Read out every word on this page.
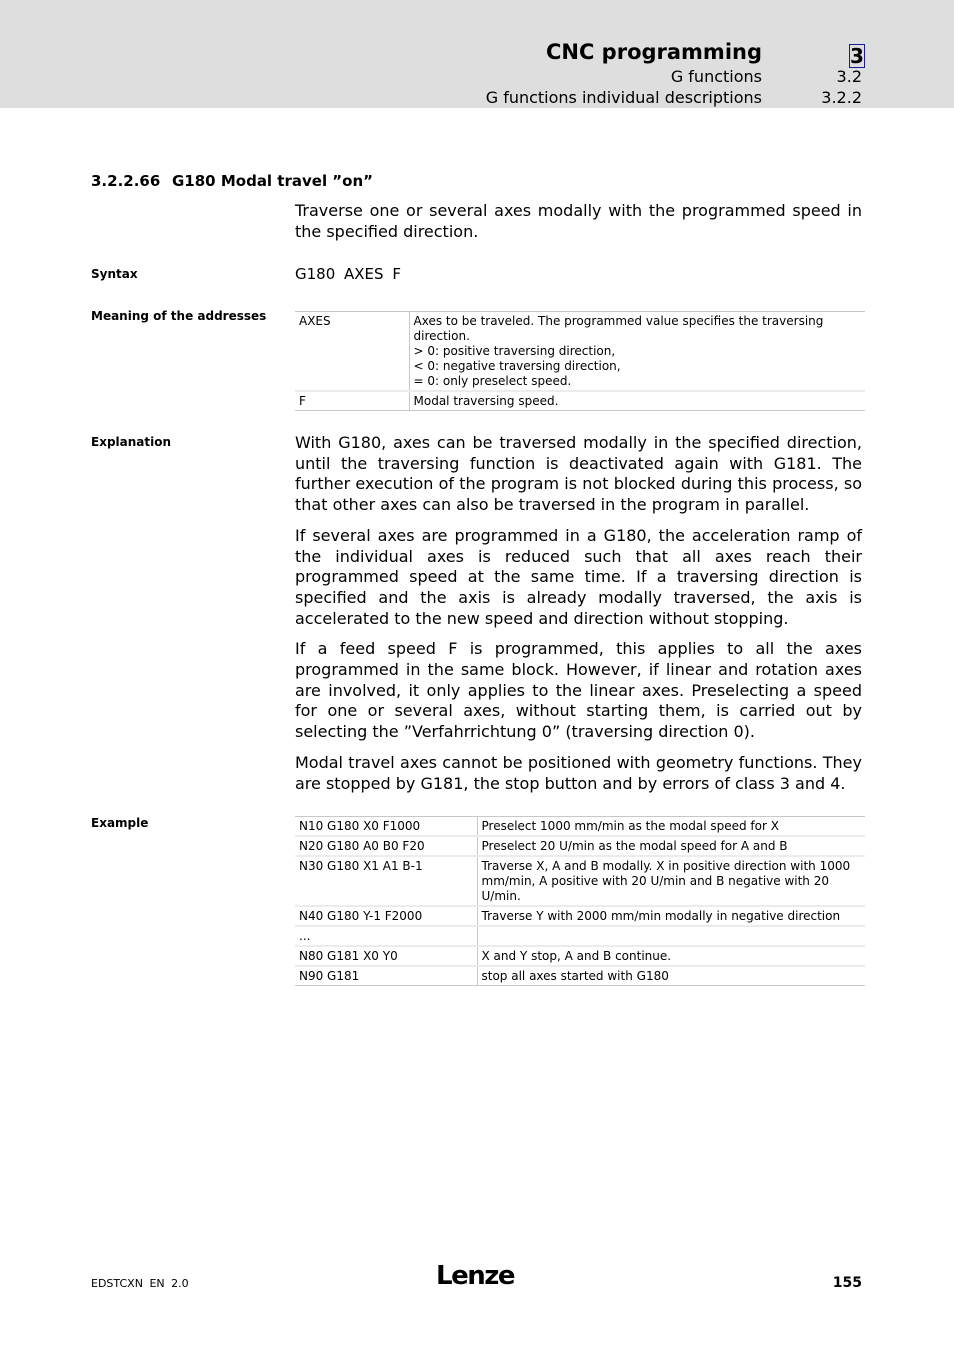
CNC programming	3
G functions	3.2
G functions individual descriptions	3.2.2
3.2.2.66 G180 Modal travel ”on”
Traverse one or several axes modally with the programmed speed in the specified direction.
Syntax	G180 AXES F
Meaning of the addresses	AXES	Axes to be traveled. The programmed value specifies the traversing
direction.
> 0: positive traversing direction,
< 0: negative traversing direction,
= 0: only preselect speed.

F	Modal traversing speed.
Explanation	With G180, axes can be traversed modally in the specified direction, until the traversing function is deactivated again with G181. The further execution of the program is not blocked during this process, so that other axes can also be traversed in the program in parallel.

If several axes are programmed in a G180, the acceleration ramp of the individual axes is reduced such that all axes reach their programmed speed at the same time. If a traversing direction is specified and the axis is already modally traversed, the axis is accelerated to the new speed and direction without stopping.

If a feed speed F is programmed, this applies to all the axes programmed in the same block. However, if linear and rotation axes are involved, it only applies to the linear axes. Preselecting a speed for one or several axes, without starting them, is carried out by selecting the ”Verfahrrichtung 0” (traversing direction 0).

Modal travel axes cannot be positioned with geometry functions. They are stopped by G181, the stop button and by errors of class 3 and 4.

Example	N10 G180 X0 F1000	Preselect 1000 mm/min as the modal speed for X
N20 G180 A0 B0 F20	Preselect 20 U/min as the modal speed for A and B
N30 G180 X1 A1 B-1	Traverse X, A and B modally. X in positive direction with 1000 mm/min, A positive with 20 U/min and B negative with 20 U/min.
N40 G180 Y-1 F2000	Traverse Y with 2000 mm/min modally in negative direction
...	
N80 G181 X0 Y0	X and Y stop, A and B continue.
N90 G181	stop all axes started with G180
EDSTCXN EN 2.0	Lenze	155
